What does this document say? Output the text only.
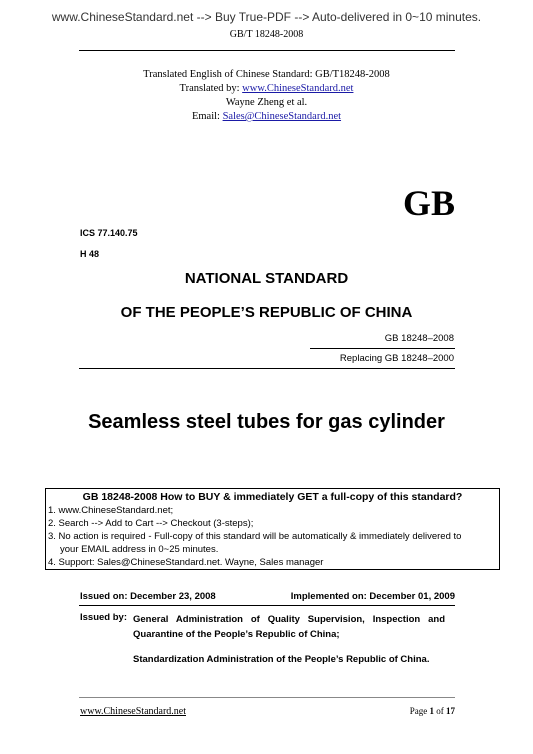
www.ChineseStandard.net --> Buy True-PDF --> Auto-delivered in 0~10 minutes.
GB/T 18248-2008
Translated English of Chinese Standard: GB/T18248-2008
Translated by: www.ChineseStandard.net
Wayne Zheng et al.
Email: Sales@ChineseStandard.net
GB
ICS 77.140.75
H 48
NATIONAL STANDARD
OF THE PEOPLE’S REPUBLIC OF CHINA
GB 18248–2008
Replacing GB 18248–2000
Seamless steel tubes for gas cylinder
GB 18248-2008 How to BUY & immediately GET a full-copy of this standard?
1. www.ChineseStandard.net;
2. Search --> Add to Cart --> Checkout (3-steps);
3. No action is required - Full-copy of this standard will be automatically & immediately delivered to
your EMAIL address in 0~25 minutes.
4. Support: Sales@ChineseStandard.net. Wayne, Sales manager
Issued on: December 23, 2008	Implemented on: December 01, 2009
Issued by: General Administration of Quality Supervision, Inspection and Quarantine of the People’s Republic of China;
Standardization Administration of the People’s Republic of China.
www.ChineseStandard.net	Page 1 of 17
